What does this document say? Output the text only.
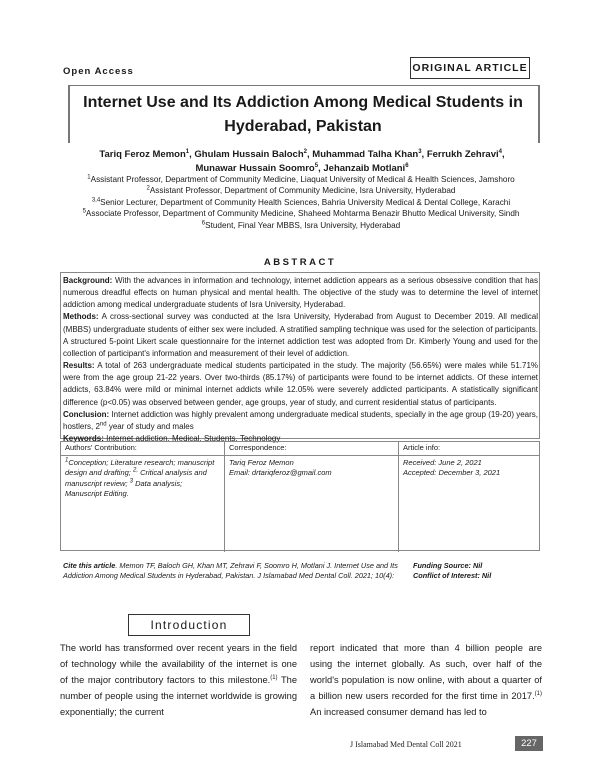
Open Access	ORIGINAL ARTICLE
Internet Use and Its Addiction Among Medical Students in Hyderabad, Pakistan
Tariq Feroz Memon$^1$, Ghulam Hussain Baloch$^2$, Muhammad Talha Khan$^3$, Ferrukh Zehravi$^4$, Munawar Hussain Soomro$^5$, Jehanzaib Motlani$^6$
$^1$Assistant Professor, Department of Community Medicine, Liaquat University of Medical & Health Sciences, Jamshoro
$^2$Assistant Professor, Department of Community Medicine, Isra University, Hyderabad
$^{3,4}$Senior Lecturer, Department of Community Health Sciences, Bahria University Medical & Dental College, Karachi
$^5$Associate Professor, Department of Community Medicine, Shaheed Mohtarma Benazir Bhutto Medical University, Sindh
$^6$Student, Final Year MBBS, Isra University, Hyderabad
ABSTRACT

Background: With the advances in information and technology, internet addiction appears as a serious obsessive condition that has numerous dreadful effects on human physical and mental health. The objective of the study was to determine the level of internet addiction among medical undergraduate students of Isra University, Hyderabad.

Methods: A cross-sectional survey was conducted at the Isra University, Hyderabad from August to December 2019. All medical (MBBS) undergraduate students of either sex were included. A stratified sampling technique was used for the selection of participants. A structured 5-point Likert scale questionnaire for the internet addiction test was adopted from Dr. Kimberly Young and used for the collection of participant's information and measurement of their level of addiction.

Results: A total of 263 undergraduate medical students participated in the study. The majority (56.65%) were males while 51.71% were from the age group 21-22 years. Over two-thirds (85.17%) of participants were found to be internet addicts. Of these internet addicts, 63.84% were mild or minimal internet addicts while 12.05% were severely addicted participants. A statistically significant difference (p<0.05) was observed between gender, age groups, year of study, and current residential status of participants.

Conclusion: Internet addiction was highly prevalent among undergraduate medical students, specially in the age group (19-20) years, hostlers, 2nd year of study and males

Keywords: Internet addiction, Medical, Students, Technology

Authors' Contribution:
$^1$Conception; Literature research; manuscript design and drafting; $^{2,}$ Critical analysis and manuscript review; $^3$ Data analysis; Manuscript Editing.
Correspondence:
Tariq Feroz Memon
Email: drtariqferoz@gmail.com
Article info:
Received: June 2, 2021
Accepted: December 3, 2021
Cite this article. Memon TF, Baloch GH, Khan MT, Zehravi F, Soomro H, Motlani J. Internet Use and Its Addiction Among Medical Students in Hyderabad, Pakistan. J Islamabad Med Dental Coll. 2021; 10(4):
Funding Source: Nil
Conflict of Interest: Nil
Introduction
The world has transformed over recent years in the field of technology while the availability of the internet is one of the major contributory factors to this milestone.$^{(1)}$ The number of people using the internet worldwide is growing exponentially; the current
report indicated that more than 4 billion people are using the internet globally. As such, over half of the world's population is now online, with about a quarter of a billion new users recorded for the first time in 2017.$^{(1)}$ An increased consumer demand has led to
J Islamabad Med Dental Coll 2021	227
